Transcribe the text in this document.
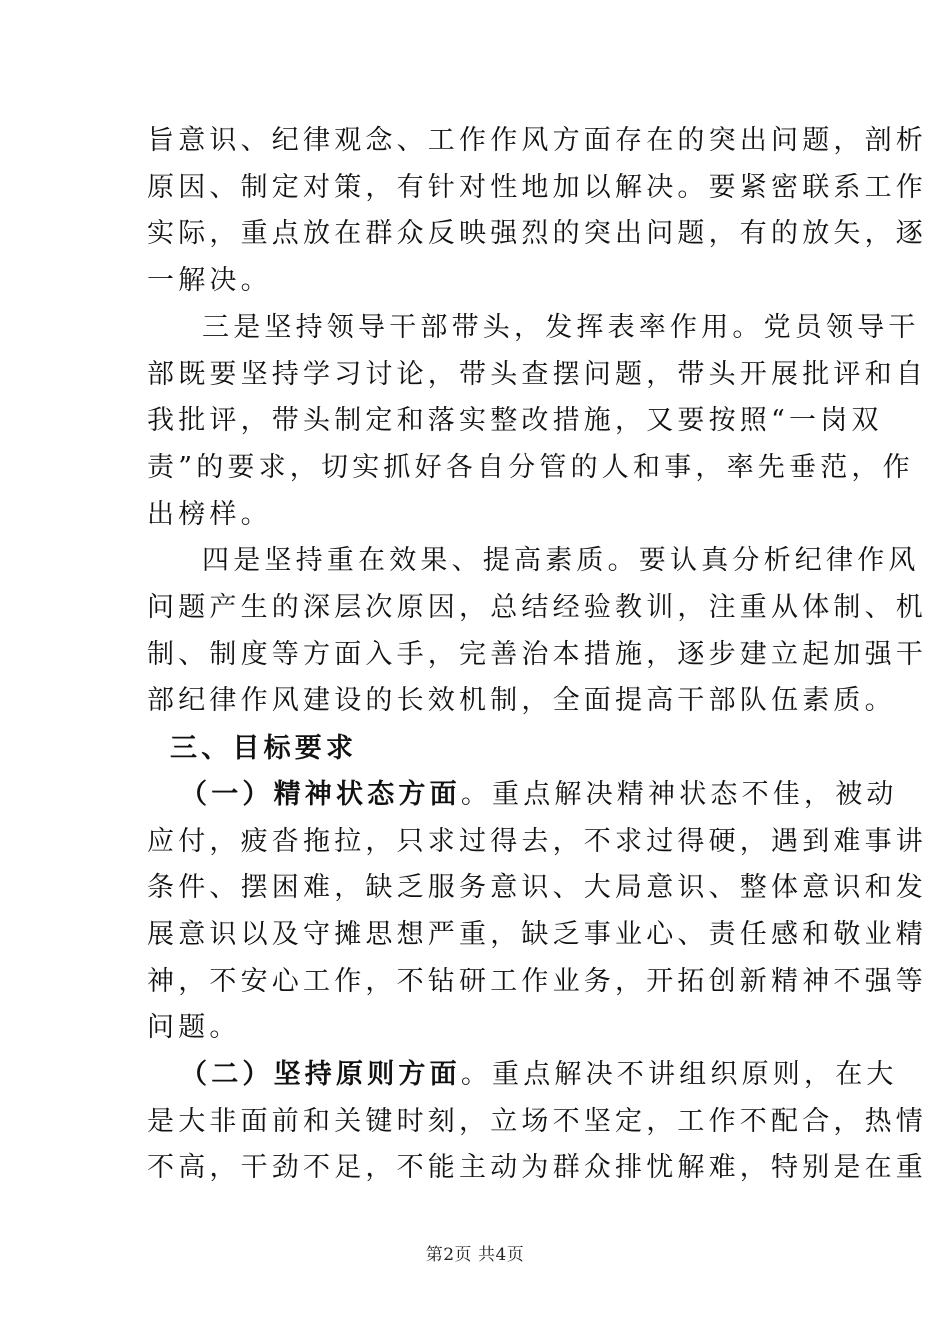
旨意识、纪律观念、工作作风方面存在的突出问题，剖析
原因、制定对策，有针对性地加以解决。要紧密联系工作
实际，重点放在群众反映强烈的突出问题，有的放矢，逐
一解决。
三是坚持领导干部带头，发挥表率作用。党员领导干
部既要坚持学习讨论，带头查摆问题，带头开展批评和自
我批评，带头制定和落实整改措施，又要按照“一岗双
责”的要求，切实抓好各自分管的人和事，率先垂范，作
出榜样。
四是坚持重在效果、提高素质。要认真分析纪律作风
问题产生的深层次原因，总结经验教训，注重从体制、机
制、制度等方面入手，完善治本措施，逐步建立起加强干
部纪律作风建设的长效机制，全面提高干部队伍素质。
三、目标要求
（一）精神状态方面。重点解决精神状态不佳，被动
应付，疲沓拖拉，只求过得去，不求过得硬，遇到难事讲
条件、摆困难，缺乏服务意识、大局意识、整体意识和发
展意识以及守摊思想严重，缺乏事业心、责任感和敬业精
神，不安心工作，不钻研工作业务，开拓创新精神不强等
问题。
（二）坚持原则方面。重点解决不讲组织原则，在大
是大非面前和关键时刻，立场不坚定，工作不配合，热情
不高，干劲不足，不能主动为群众排忧解难，特别是在重
第2页 共4页
